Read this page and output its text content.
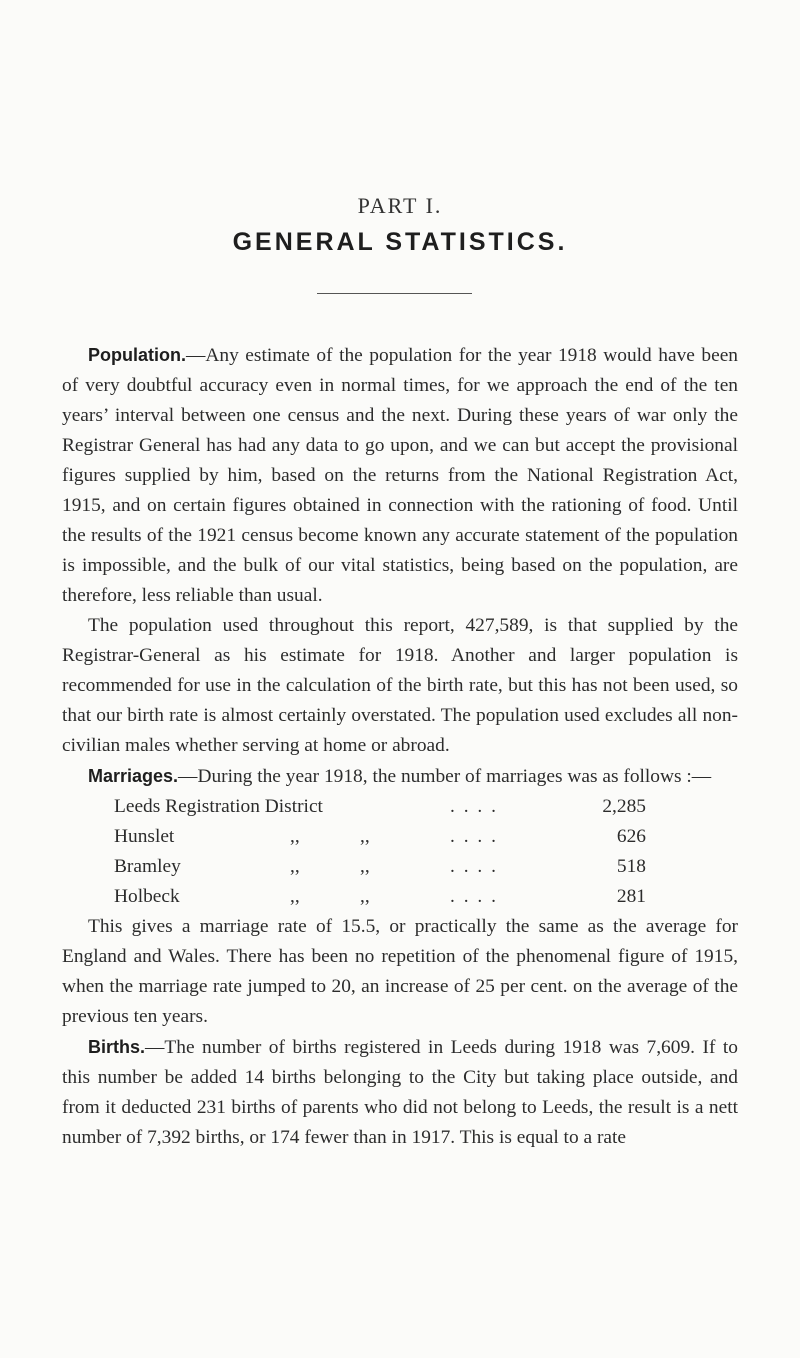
PART I.
GENERAL STATISTICS.

Population.—Any estimate of the population for the year 1918 would have been of very doubtful accuracy even in normal times, for we approach the end of the ten years’ interval between one census and the next. During these years of war only the Registrar General has had any data to go upon, and we can but accept the provisional figures supplied by him, based on the returns from the National Registration Act, 1915, and on certain figures obtained in connection with the rationing of food. Until the results of the 1921 census become known any accurate statement of the population is impossible, and the bulk of our vital statistics, being based on the population, are therefore, less reliable than usual.

The population used throughout this report, 427,589, is that supplied by the Registrar-General as his estimate for 1918. Another and larger population is recommended for use in the calculation of the birth rate, but this has not been used, so that our birth rate is almost certainly overstated. The population used excludes all non-civilian males whether serving at home or abroad.

Marriages.—During the year 1918, the number of marriages was as follows :—

Leeds Registration District	. . . .	2,285
Hunslet	,,	,,	. . . .	626
Bramley	,,	,,	. . . .	518
Holbeck	,,	,,	. . . .	281

This gives a marriage rate of 15.5, or practically the same as the average for England and Wales. There has been no repetition of the phenomenal figure of 1915, when the marriage rate jumped to 20, an increase of 25 per cent. on the average of the previous ten years.

Births.—The number of births registered in Leeds during 1918 was 7,609. If to this number be added 14 births belonging to the City but taking place outside, and from it deducted 231 births of parents who did not belong to Leeds, the result is a nett number of 7,392 births, or 174 fewer than in 1917. This is equal to a rate
